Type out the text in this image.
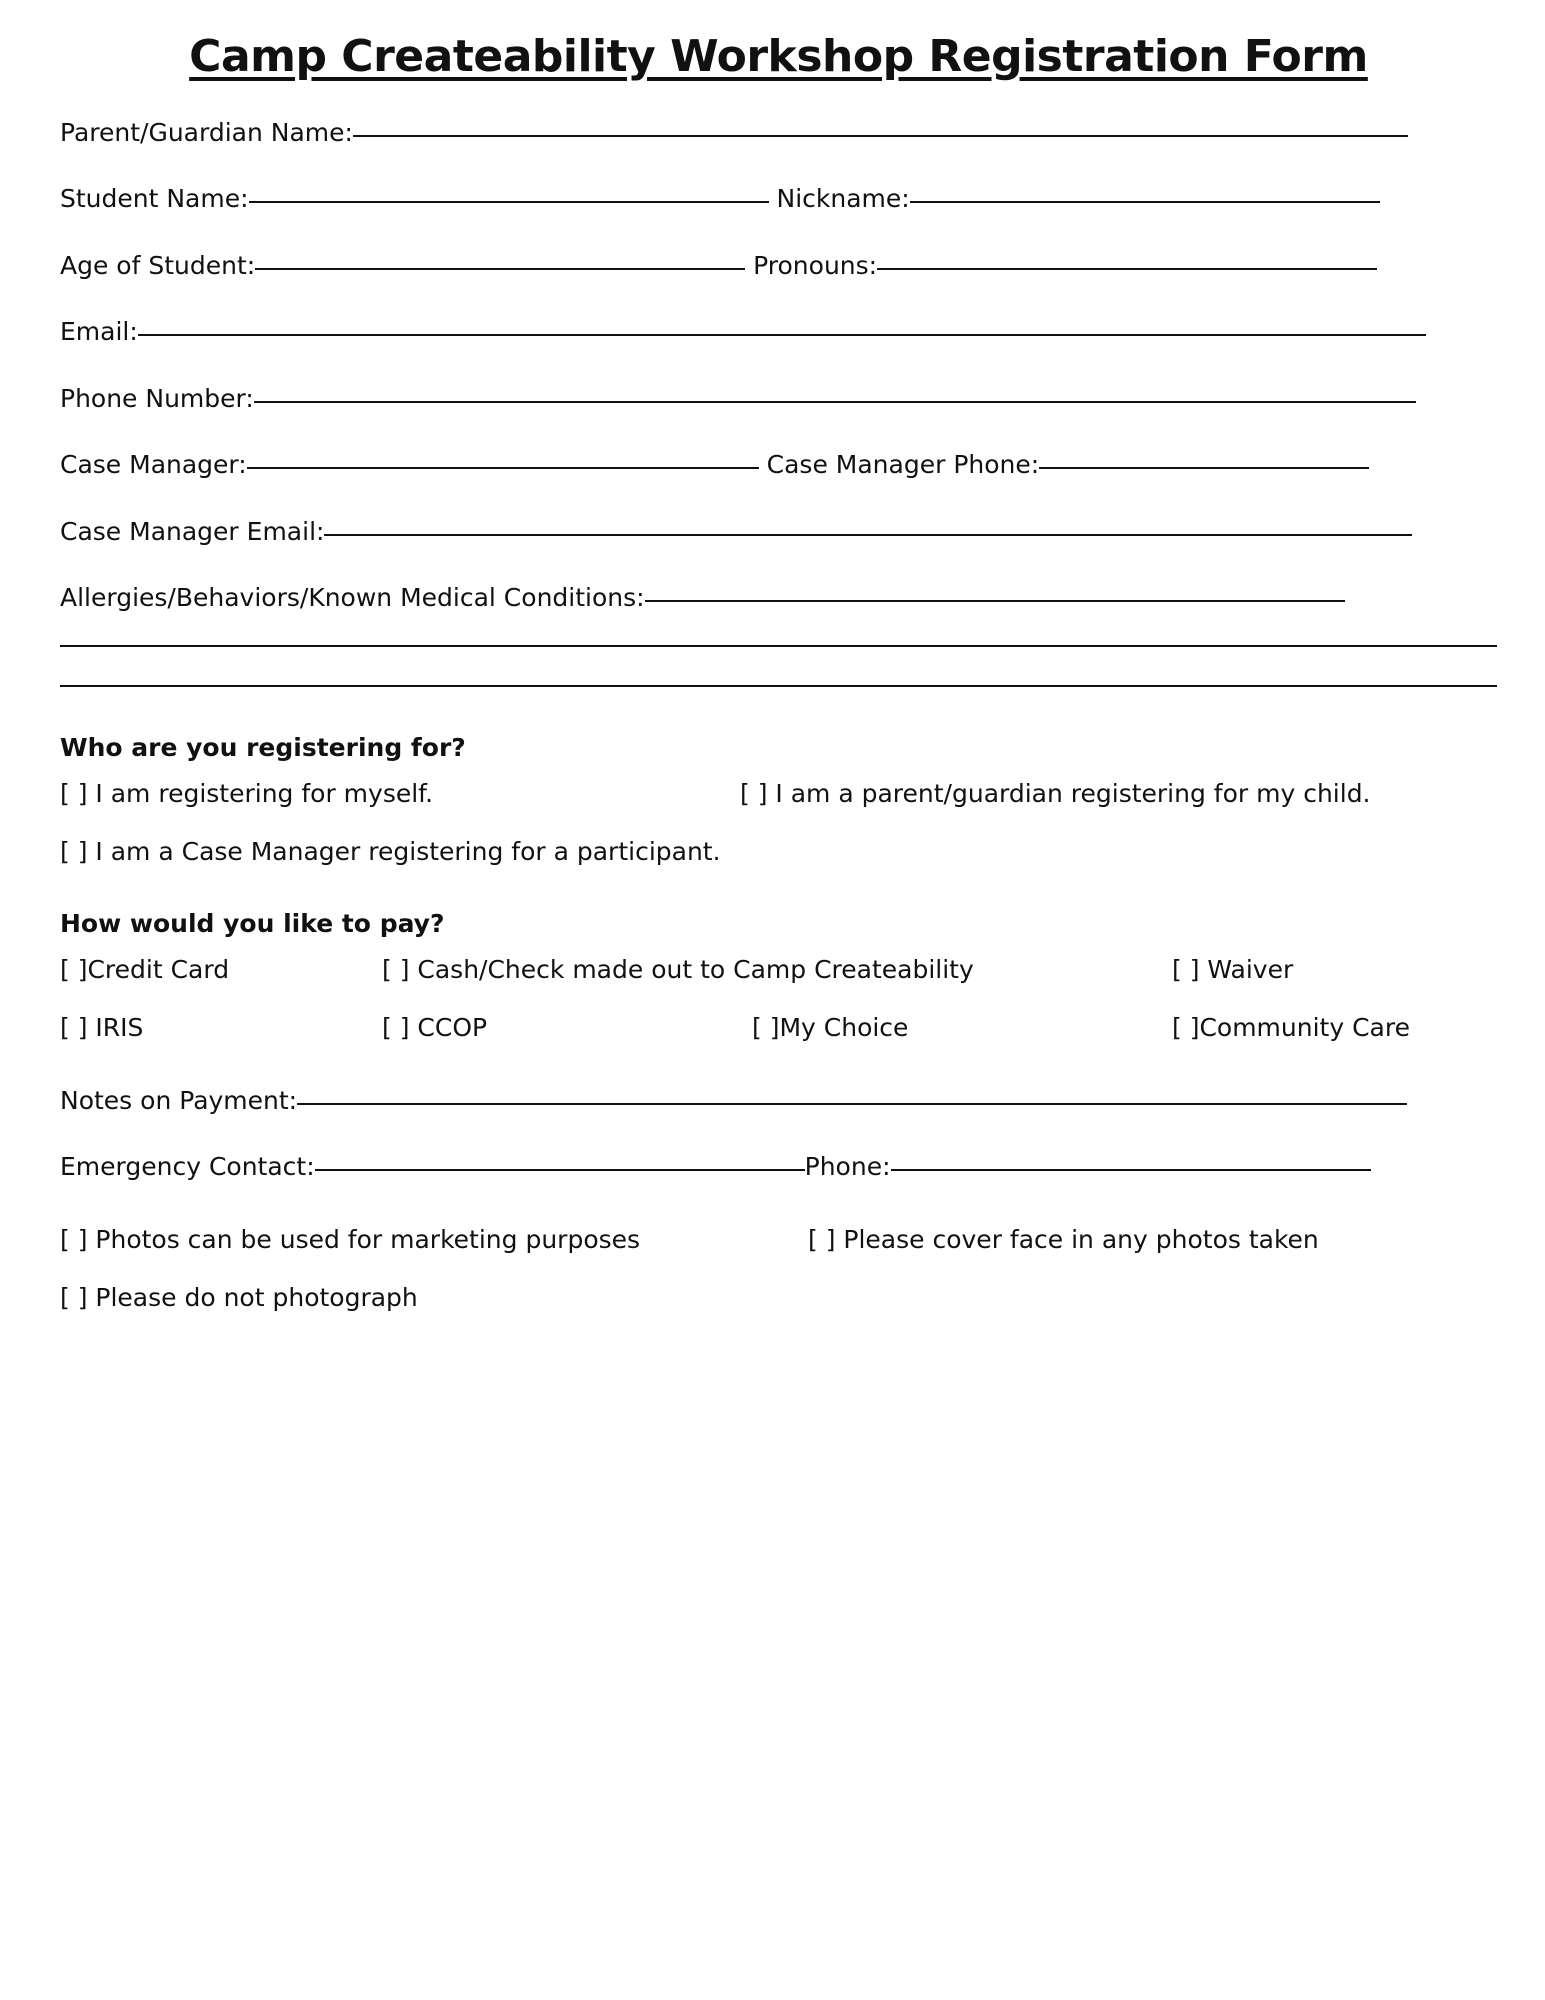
Camp Createability Workshop Registration Form
Parent/Guardian Name:
Student Name:	Nickname:
Age of Student:	Pronouns:
Email:
Phone Number:
Case Manager:	Case Manager Phone:
Case Manager Email:
Allergies/Behaviors/Known Medical Conditions:
Who are you registering for?
[ ] I am registering for myself.	[ ] I am a parent/guardian registering for my child.
[ ] I am a Case Manager registering for a participant.
How would you like to pay?
[ ]Credit Card	[ ] Cash/Check made out to Camp Createability	[ ] Waiver
[ ] IRIS	[ ] CCOP	[ ]My Choice	[ ]Community Care
Notes on Payment:
Emergency Contact:	Phone:
[ ] Photos can be used for marketing purposes	[ ] Please cover face in any photos taken
[ ] Please do not photograph
